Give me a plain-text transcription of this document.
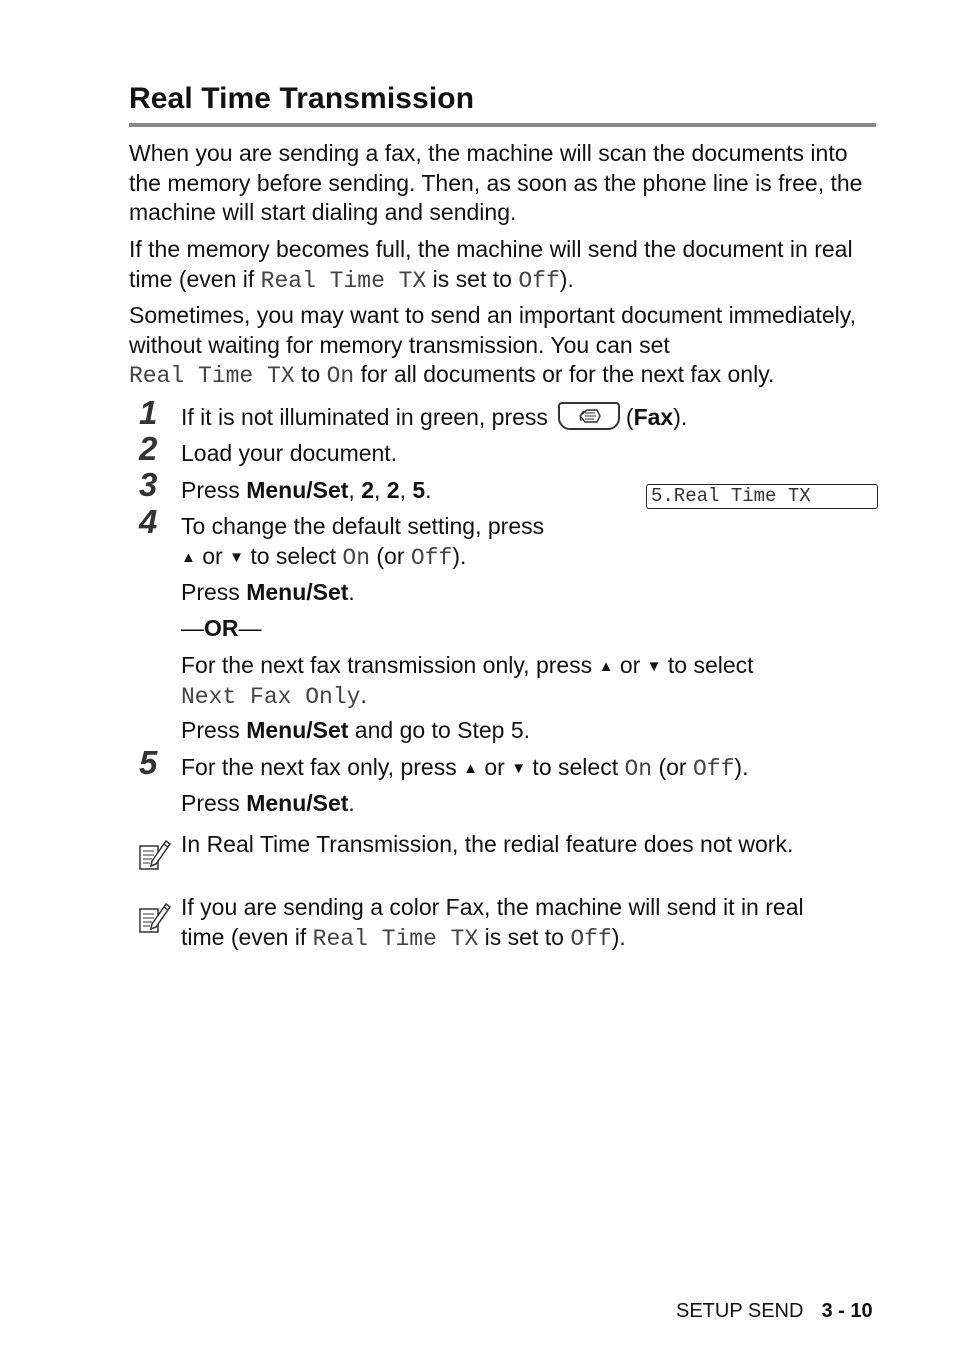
Real Time Transmission
When you are sending a fax, the machine will scan the documents into the memory before sending. Then, as soon as the phone line is free, the machine will start dialing and sending.
If the memory becomes full, the machine will send the document in real time (even if Real Time TX is set to Off).
Sometimes, you may want to send an important document immediately, without waiting for memory transmission. You can set
Real Time TX to On for all documents or for the next fax only.
1 If it is not illuminated in green, press	(Fax).
2 Load your document.
3 Press Menu/Set, 2, 2, 5.	5.Real Time TX
4 To change the default setting, press
▲ or ▼ to select On (or Off).
Press Menu/Set.
—OR—
For the next fax transmission only, press ▲ or ▼ to select
Next Fax Only.
Press Menu/Set and go to Step 5.
5 For the next fax only, press ▲ or ▼ to select On (or Off).
Press Menu/Set.
In Real Time Transmission, the redial feature does not work.
If you are sending a color Fax, the machine will send it in real
time (even if Real Time TX is set to Off).
SETUP SEND 3 - 10
